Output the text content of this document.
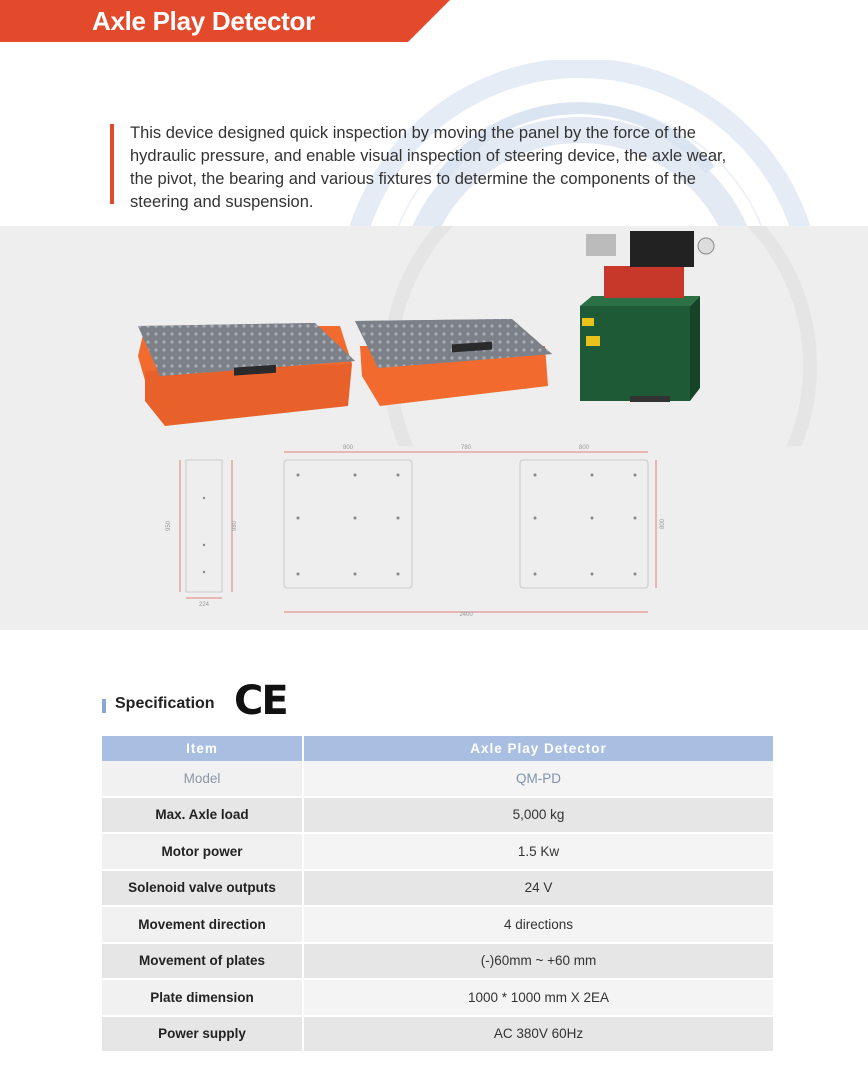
Axle Play Detector
This device designed quick inspection by moving the panel by the force of the hydraulic pressure, and enable visual inspection of steering device, the axle wear, the pivot, the bearing and various fixtures to determine the components of the steering and suspension.
224
950	980
800	780	800
2400
800
Specification CE
Item	Axle Play Detector
Model	QM-PD
Max. Axle load	5,000 kg
Motor power	1.5 Kw
Solenoid valve outputs	24 V
Movement direction	4 directions
Movement of plates	(-)60mm ~ +60 mm
Plate dimension	1000 * 1000 mm X 2EA
Power supply	AC 380V 60Hz
